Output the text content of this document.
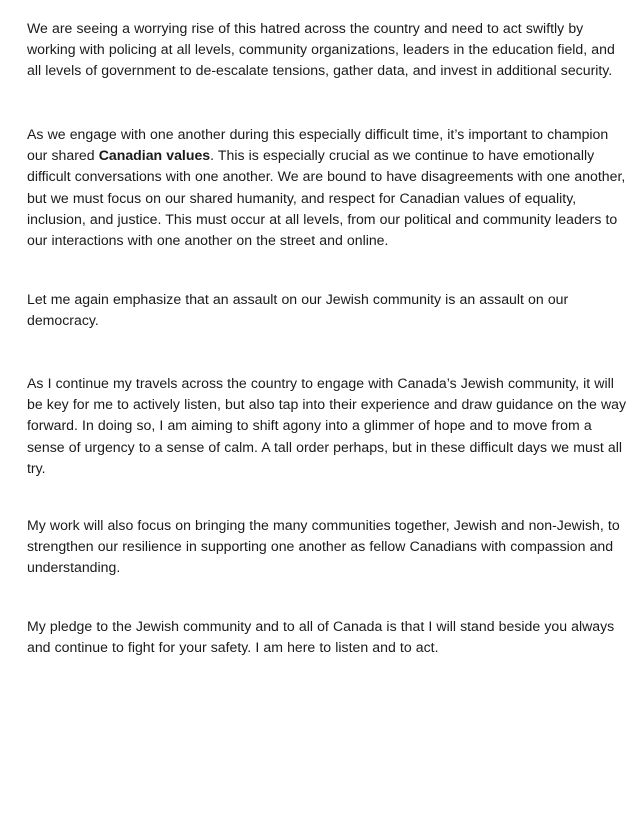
We are seeing a worrying rise of this hatred across the country and need to act swiftly by working with policing at all levels, community organizations, leaders in the education field, and all levels of government to de-escalate tensions, gather data, and invest in additional security.

As we engage with one another during this especially difficult time, it’s important to champion our shared Canadian values. This is especially crucial as we continue to have emotionally difficult conversations with one another. We are bound to have disagreements with one another, but we must focus on our shared humanity, and respect for Canadian values of equality, inclusion, and justice. This must occur at all levels, from our political and community leaders to our interactions with one another on the street and online.

Let me again emphasize that an assault on our Jewish community is an assault on our democracy.

As I continue my travels across the country to engage with Canada’s Jewish community, it will be key for me to actively listen, but also tap into their experience and draw guidance on the way forward. In doing so, I am aiming to shift agony into a glimmer of hope and to move from a sense of urgency to a sense of calm. A tall order perhaps, but in these difficult days we must all try.

My work will also focus on bringing the many communities together, Jewish and non-Jewish, to strengthen our resilience in supporting one another as fellow Canadians with compassion and understanding.

My pledge to the Jewish community and to all of Canada is that I will stand beside you always and continue to fight for your safety. I am here to listen and to act.
